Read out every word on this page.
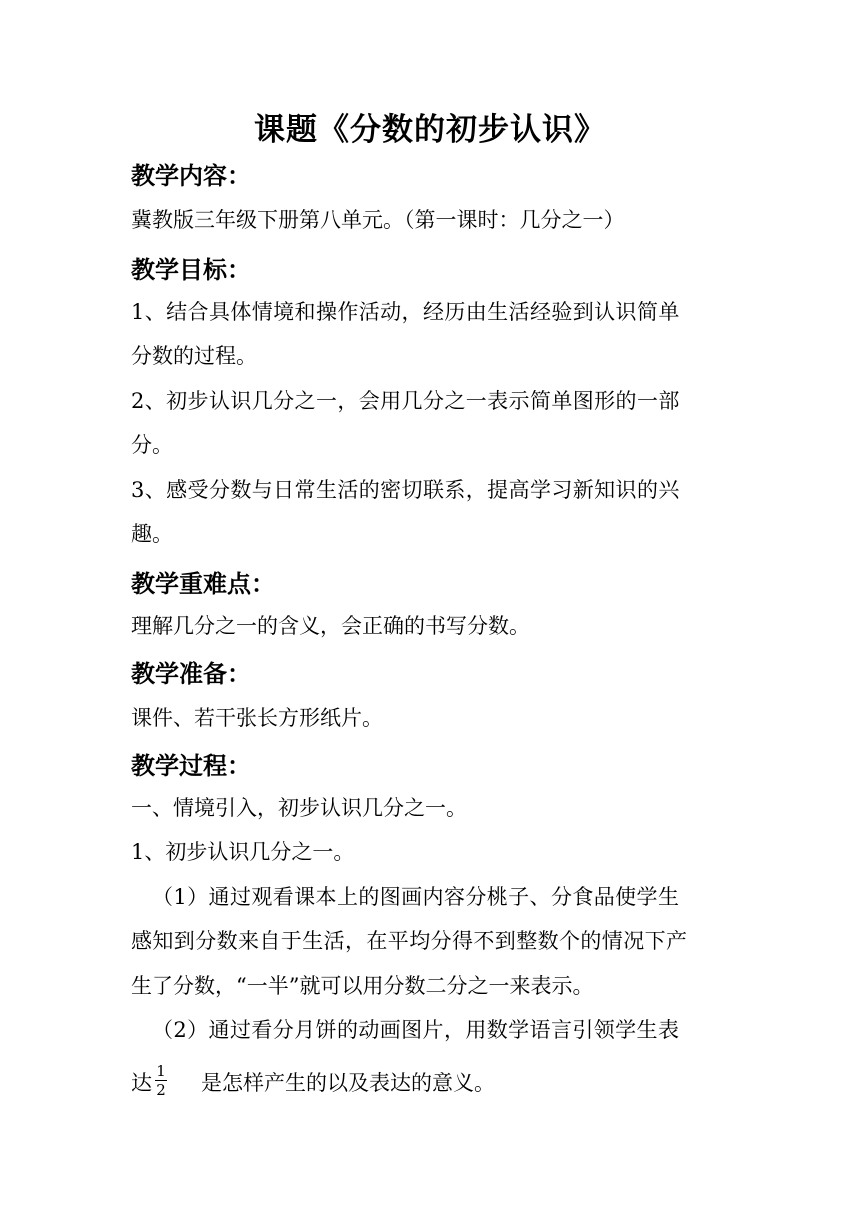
课题《分数的初步认识》
教学内容：
冀教版三年级下册第八单元。（第一课时：几分之一）
教学目标：
1、结合具体情境和操作活动，经历由生活经验到认识简单
分数的过程。
2、初步认识几分之一，会用几分之一表示简单图形的一部
分。
3、感受分数与日常生活的密切联系，提高学习新知识的兴
趣。
教学重难点：
理解几分之一的含义，会正确的书写分数。
教学准备：
课件、若干张长方形纸片。
教学过程：
一、情境引入，初步认识几分之一。
1、初步认识几分之一。
（1）通过观看课本上的图画内容分桃子、分食品使学生
感知到分数来自于生活，在平均分得不到整数个的情况下产
生了分数，“一半”就可以用分数二分之一来表示。
（2）通过看分月饼的动画图片，用数学语言引领学生表
达 1
2 是怎样产生的以及表达的意义。
